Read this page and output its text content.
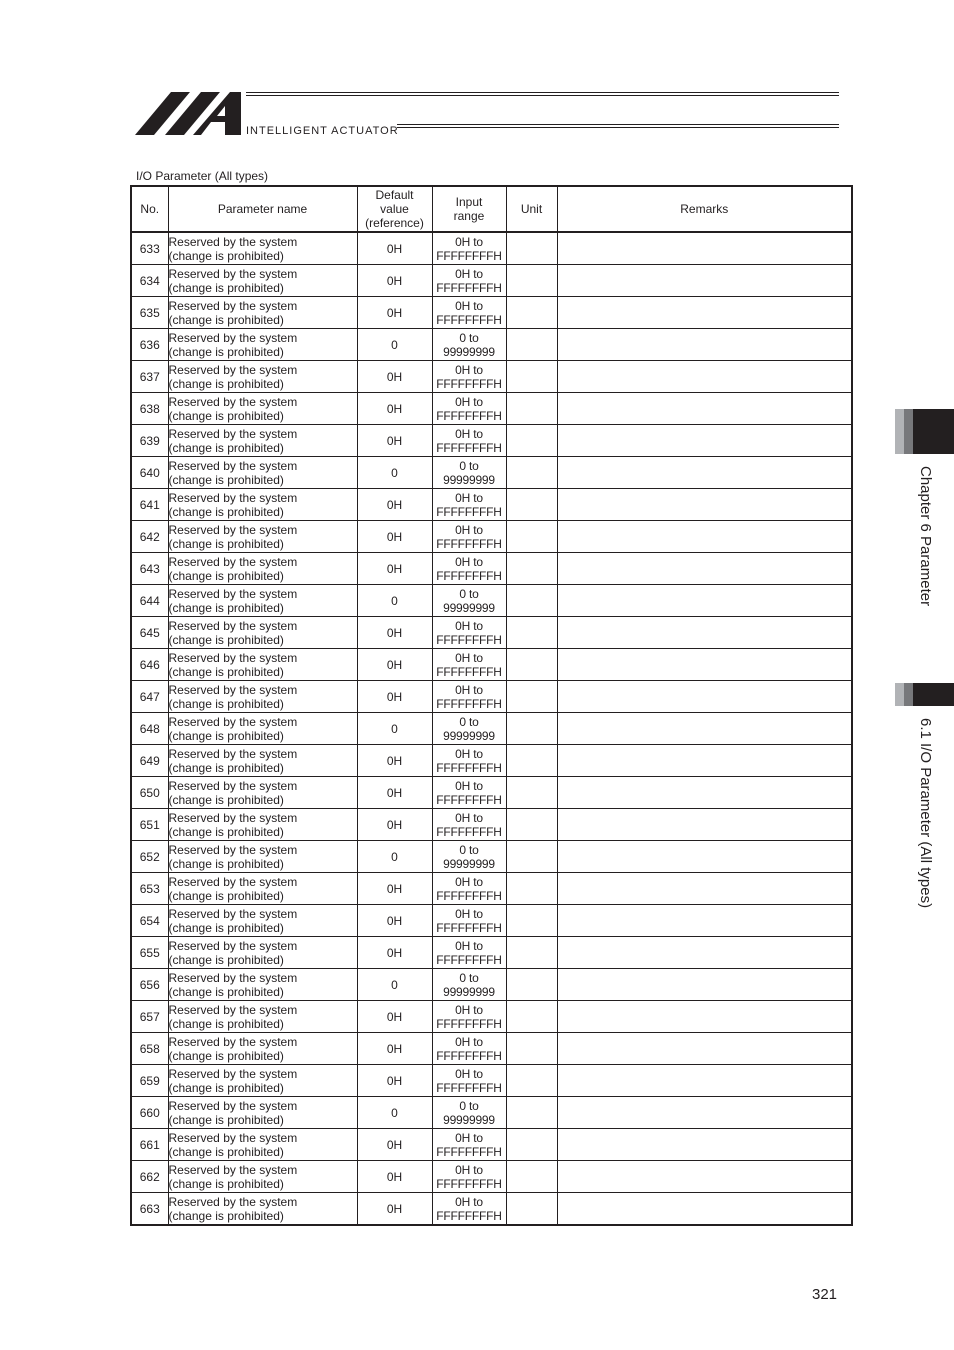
INTELLIGENT ACTUATOR
I/O Parameter (All types)
No.	Parameter name	Default
value
(reference)	Input
range	Unit	Remarks
633	Reserved by the system
(change is prohibited)	0H	0H to
FFFFFFFFH		

634	Reserved by the system
(change is prohibited)	0H	0H to
FFFFFFFFH		

635	Reserved by the system
(change is prohibited)	0H	0H to
FFFFFFFFH		

636	Reserved by the system
(change is prohibited)	0	0 to
99999999		

637	Reserved by the system
(change is prohibited)	0H	0H to
FFFFFFFFH		

638	Reserved by the system
(change is prohibited)	0H	0H to
FFFFFFFFH		

639	Reserved by the system
(change is prohibited)	0H	0H to
FFFFFFFFH		

640	Reserved by the system
(change is prohibited)	0	0 to
99999999		

641	Reserved by the system
(change is prohibited)	0H	0H to
FFFFFFFFH		

642	Reserved by the system
(change is prohibited)	0H	0H to
FFFFFFFFH		

643	Reserved by the system
(change is prohibited)	0H	0H to
FFFFFFFFH		

644	Reserved by the system
(change is prohibited)	0	0 to
99999999		

645	Reserved by the system
(change is prohibited)	0H	0H to
FFFFFFFFH		

646	Reserved by the system
(change is prohibited)	0H	0H to
FFFFFFFFH		

647	Reserved by the system
(change is prohibited)	0H	0H to
FFFFFFFFH		

648	Reserved by the system
(change is prohibited)	0	0 to
99999999		

649	Reserved by the system
(change is prohibited)	0H	0H to
FFFFFFFFH		

650	Reserved by the system
(change is prohibited)	0H	0H to
FFFFFFFFH		

651	Reserved by the system
(change is prohibited)	0H	0H to
FFFFFFFFH		

652	Reserved by the system
(change is prohibited)	0	0 to
99999999		

653	Reserved by the system
(change is prohibited)	0H	0H to
FFFFFFFFH		

654	Reserved by the system
(change is prohibited)	0H	0H to
FFFFFFFFH		

655	Reserved by the system
(change is prohibited)	0H	0H to
FFFFFFFFH		

656	Reserved by the system
(change is prohibited)	0	0 to
99999999		

657	Reserved by the system
(change is prohibited)	0H	0H to
FFFFFFFFH		

658	Reserved by the system
(change is prohibited)	0H	0H to
FFFFFFFFH		

659	Reserved by the system
(change is prohibited)	0H	0H to
FFFFFFFFH		

660	Reserved by the system
(change is prohibited)	0	0 to
99999999		

661	Reserved by the system
(change is prohibited)	0H	0H to
FFFFFFFFH		

662	Reserved by the system
(change is prohibited)	0H	0H to
FFFFFFFFH		

663	Reserved by the system
(change is prohibited)	0H	0H to
FFFFFFFFH		

Chapter 6 Parameter
6.1 I/O Parameter (All types)
321
